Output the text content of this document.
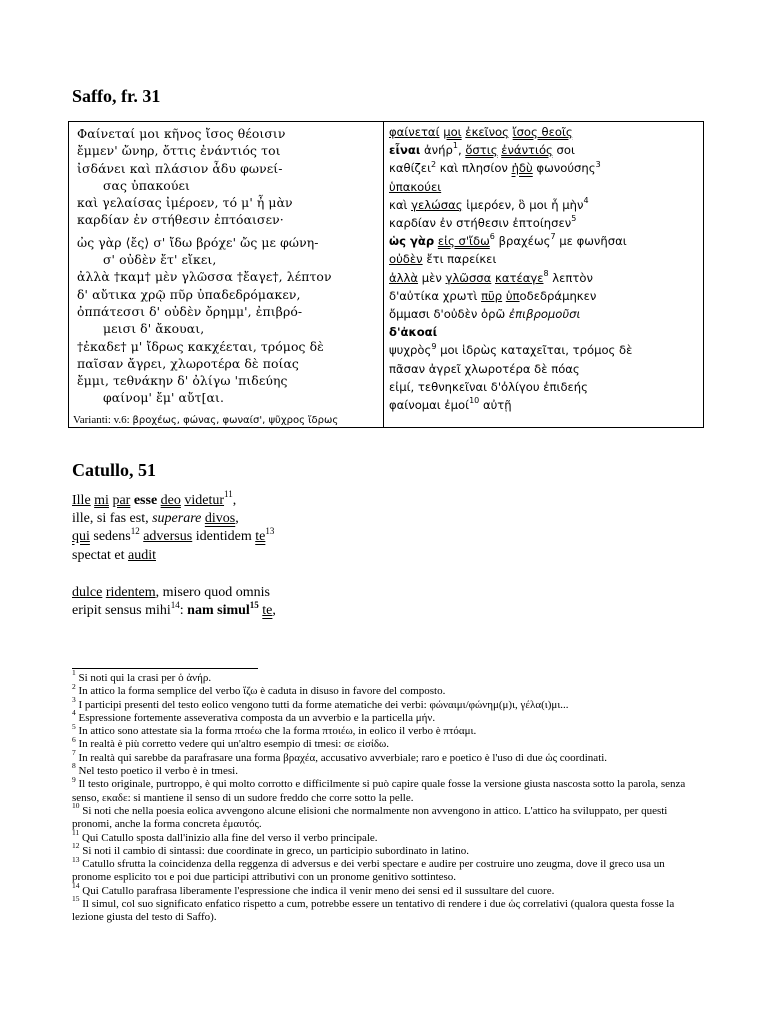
Saffo, fr. 31
Φαίνεταί μοι κῆνος ἴσος θέοισιν
ἔμμεν' ὤνηρ, ὄττις ἐνάντιός τοι
ἰσδάνει καὶ πλάσιον ἆδυ φωνεί-
σας ὐπακούει
καὶ γελαίσας ἰμέροεν, τό μ' ἦ μὰν
καρδίαν ἐν στήθεσιν ἐπτόαισεν·
ὠς γὰρ ⟨ἔς⟩ σ' ἴδω βρόχε' ὤς με φώνη-
σ' οὐδὲν ἔτ' εἴκει,
ἀλλὰ †καμ† μὲν γλῶσσα †ἔαγε†, λέπτον
δ' αὔτικα χρῷ πῦρ ὐπαδεδρόμακεν,
ὀππάτεσσι δ' οὐδὲν ὄρημμ', ἐπιβρό-
μεισι δ' ἄκουαι,
†ἐκαδε† μ' ἴδρως κακχέεται, τρόμος δὲ
παῖσαν ἄγρει, χλωροτέρα δὲ ποίας
ἔμμι, τεθνάκην δ' ὀλίγω 'πιδεύης
φαίνομ' ἔμ' αὔτ[αι.
Varianti: v.6: βροχέως, φώνας, φωναίσ', ψῦχρος ἴδρως
φαίνεταί μοι ἐκεῖνος ἴσος θεοῖς
εἶναι ἀνήρ$^1$, ὅστις ἐνάντιός σοι
καθίζει$^2$ καὶ πλησίον ἡδὺ φωνούσης$^3$
ὑπακούει
καὶ γελώσας ἱμερόεν, ὃ μοι ἦ μὴν$^4$
καρδίαν ἐν στήθεσιν ἐπτοίησεν$^5$
ὡς γὰρ εἰς σ'ἴδω$^6$ βραχέως$^7$ με φωνῆσαι
οὐδὲν ἔτι παρείκει
ἀλλὰ μὲν γλῶσσα κατέαγε$^8$ λεπτὸν
δ'αὐτίκα χρωτὶ πῦρ ὑποδεδράμηκεν
ὄμμασι δ'οὐδὲν ὁρῶ ἐπιβρομοῦσι
δ'ἀκοαί
ψυχρὸς$^9$ μοι ἱδρὼς καταχεῖται, τρόμος δὲ
πᾶσαν ἀγρεῖ χλωροτέρα δὲ πόας
εἰμί, τεθνηκεῖναι δ'ὀλίγου ἐπιδεής
φαίνομαι ἐμοί$^{10}$ αὐτῇ
Catullo, 51
Ille mi par esse deo videtur$^{11}$,
ille, si fas est, superare divos,
qui sedens$^{12}$ adversus identidem $te^{13}$
spectat et audit
dulce ridentem, misero quod omnis
eripit sensus mihi$^{14}$: nam simul$^{15}$ te,
$^1$ Si noti qui la crasi per ὁ ἀνήρ.
$^2$ In attico la forma semplice del verbo ἵζω è caduta in disuso in favore del composto.
$^3$ I participi presenti del testo eolico vengono tutti da forme atematiche dei verbi: φώναιμι/φώνημ(μ)ι, γέλα(ι)μι...
$^4$ Espressione fortemente asseverativa composta da un avverbio e la particella μήν.
$^5$ In attico sono attestate sia la forma πτοέω che la forma πτοιέω, in eolico il verbo è πτόαμι.
$^6$ In realtà è più corretto vedere qui un'altro esempio di tmesi: σε εἰσίδω.
$^7$ In realtà qui sarebbe da parafrasare una forma βραχέα, accusativo avverbiale; raro e poetico è l'uso di due ὡς coordinati.
$^8$ Nel testo poetico il verbo è in tmesi.
$^9$ Il testo originale, purtroppo, è qui molto corrotto e difficilmente si può capire quale fosse la versione giusta nascosta sotto la parola, senza senso, εκαδε: si mantiene il senso di un sudore freddo che corre sotto la pelle.
$^{10}$ Si noti che nella poesia eolica avvengono alcune elisioni che normalmente non avvengono in attico. L'attico ha sviluppato, per questi pronomi, anche la forma concreta ἐμαυτός.
$^{11}$ Qui Catullo sposta dall'inizio alla fine del verso il verbo principale.
$^{12}$ Si noti il cambio di sintassi: due coordinate in greco, un participio subordinato in latino.
$^{13}$ Catullo sfrutta la coincidenza della reggenza di adversus e dei verbi spectare e audire per costruire uno zeugma, dove il greco usa un pronome esplicito τοι e poi due participi attributivi con un pronome genitivo sottinteso.
$^{14}$ Qui Catullo parafrasa liberamente l'espressione che indica il venir meno dei sensi ed il sussultare del cuore.
$^{15}$ Il simul, col suo significato enfatico rispetto a cum, potrebbe essere un tentativo di rendere i due ὡς correlativi (qualora questa fosse la lezione giusta del testo di Saffo).
